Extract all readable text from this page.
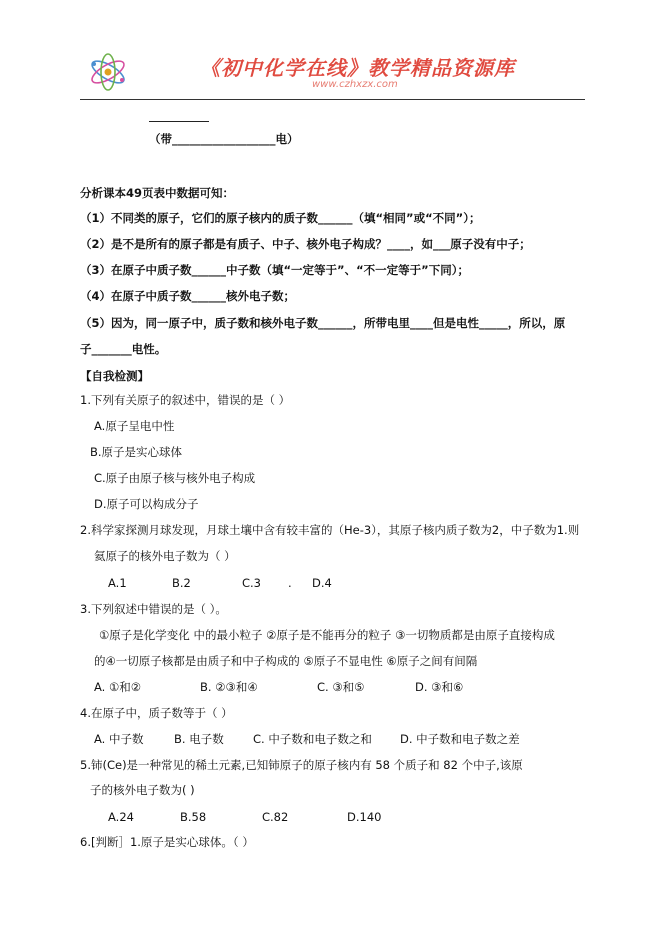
《初中化学在线》教学精品资源库
www.czhxzx.com
（带__________________电）
分析课本49页表中数据可知：
（1）不同类的原子，它们的原子核内的质子数______（填“相同”或“不同”）；
（2）是不是所有的原子都是有质子、中子、核外电子构成？____，如___原子没有中子；
（3）在原子中质子数______中子数（填“一定等于”、“不一定等于”下同）；
（4）在原子中质子数______核外电子数；
（5）因为，同一原子中，质子数和核外电子数______，所带电里____但是电性_____，所以，原
子_______电性。
【自我检测】
1.下列有关原子的叙述中，错误的是（ ）
A.原子呈电中性
B.原子是实心球体
C.原子由原子核与核外电子构成
D.原子可以构成分子
2.科学家探测月球发现，月球土壤中含有较丰富的（He-3），其原子核内质子数为2，中子数为1.则
氦原子的核外电子数为（ ）
A.1	B.2	C.3 . D.4
3.下列叙述中错误的是（ ）。
①原子是化学变化 中的最小粒子 ②原子是不能再分的粒子 ③一切物质都是由原子直接构成
的④一切原子核都是由质子和中子构成的 ⑤原子不显电性 ⑥原子之间有间隔
A. ①和②	B. ②③和④	C. ③和⑤	D. ③和⑥
4.在原子中，质子数等于（ ）
A. 中子数	B. 电子数	C. 中子数和电子数之和 D. 中子数和电子数之差
5.铈(Ce)是一种常见的稀土元素,已知铈原子的原子核内有 58 个质子和 82 个中子,该原
子的核外电子数为( )
A.24	B.58	C.82	D.140
6.[判断］1.原子是实心球体。（ ）
